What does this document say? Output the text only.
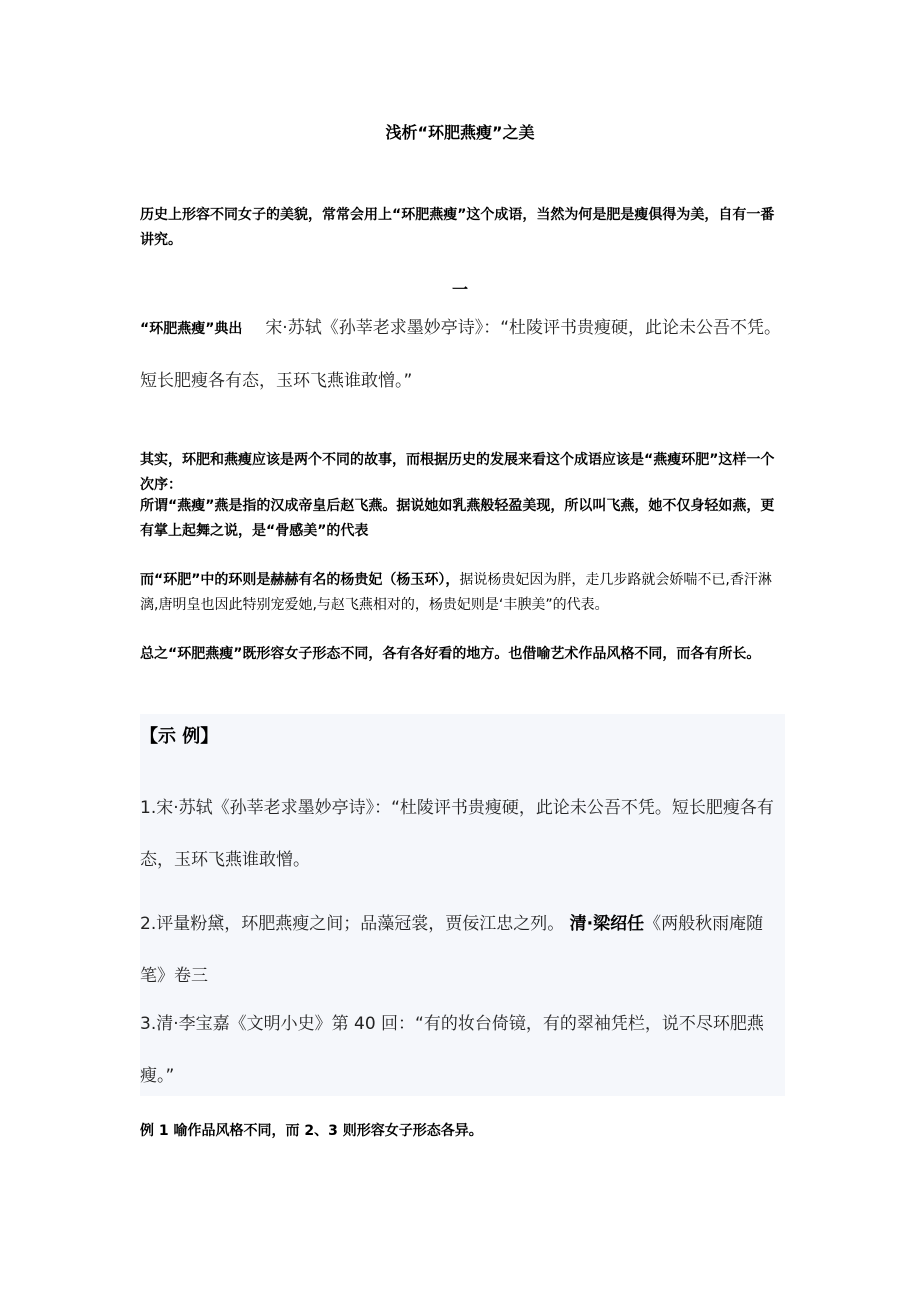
浅析“环肥燕瘦”之美

历史上形容不同女子的美貌，常常会用上“环肥燕瘦”这个成语，当然为何是肥是瘦俱得为美，自有一番讲究。

一

“环肥燕瘦”典出 宋·苏轼《孙莘老求墨妙亭诗》：“杜陵评书贵瘦硬，此论未公吾不凭。短长肥瘦各有态，玉环飞燕谁敢憎。”

其实，环肥和燕瘦应该是两个不同的故事，而根据历史的发展来看这个成语应该是“燕瘦环肥”这样一个次序：

所谓“燕瘦”燕是指的汉成帝皇后赵飞燕。据说她如乳燕般轻盈美现，所以叫飞燕，她不仅身轻如燕，更有掌上起舞之说，是“骨感美”的代表

而“环肥”中的环则是赫赫有名的杨贵妃（杨玉环），据说杨贵妃因为胖，走几步路就会娇喘不已,香汗淋漓,唐明皇也因此特别宠爱她,与赵飞燕相对的，杨贵妃则是‘丰腴美”的代表。

总之“环肥燕瘦”既形容女子形态不同，各有各好看的地方。也借喻艺术作品风格不同，而各有所长。

【示 例】

1.宋·苏轼《孙莘老求墨妙亭诗》：“杜陵评书贵瘦硬，此论未公吾不凭。短长肥瘦各有态，玉环飞燕谁敢憎。

2.评量粉黛，环肥燕瘦之间；品藻冠裳，贾佞江忠之列。 清·梁绍任《两般秋雨庵随笔》卷三

3.清·李宝嘉《文明小史》第 40 回：“有的妆台倚镜，有的翠袖凭栏，说不尽环肥燕瘦。”

例 1 喻作品风格不同，而 2、3 则形容女子形态各异。
